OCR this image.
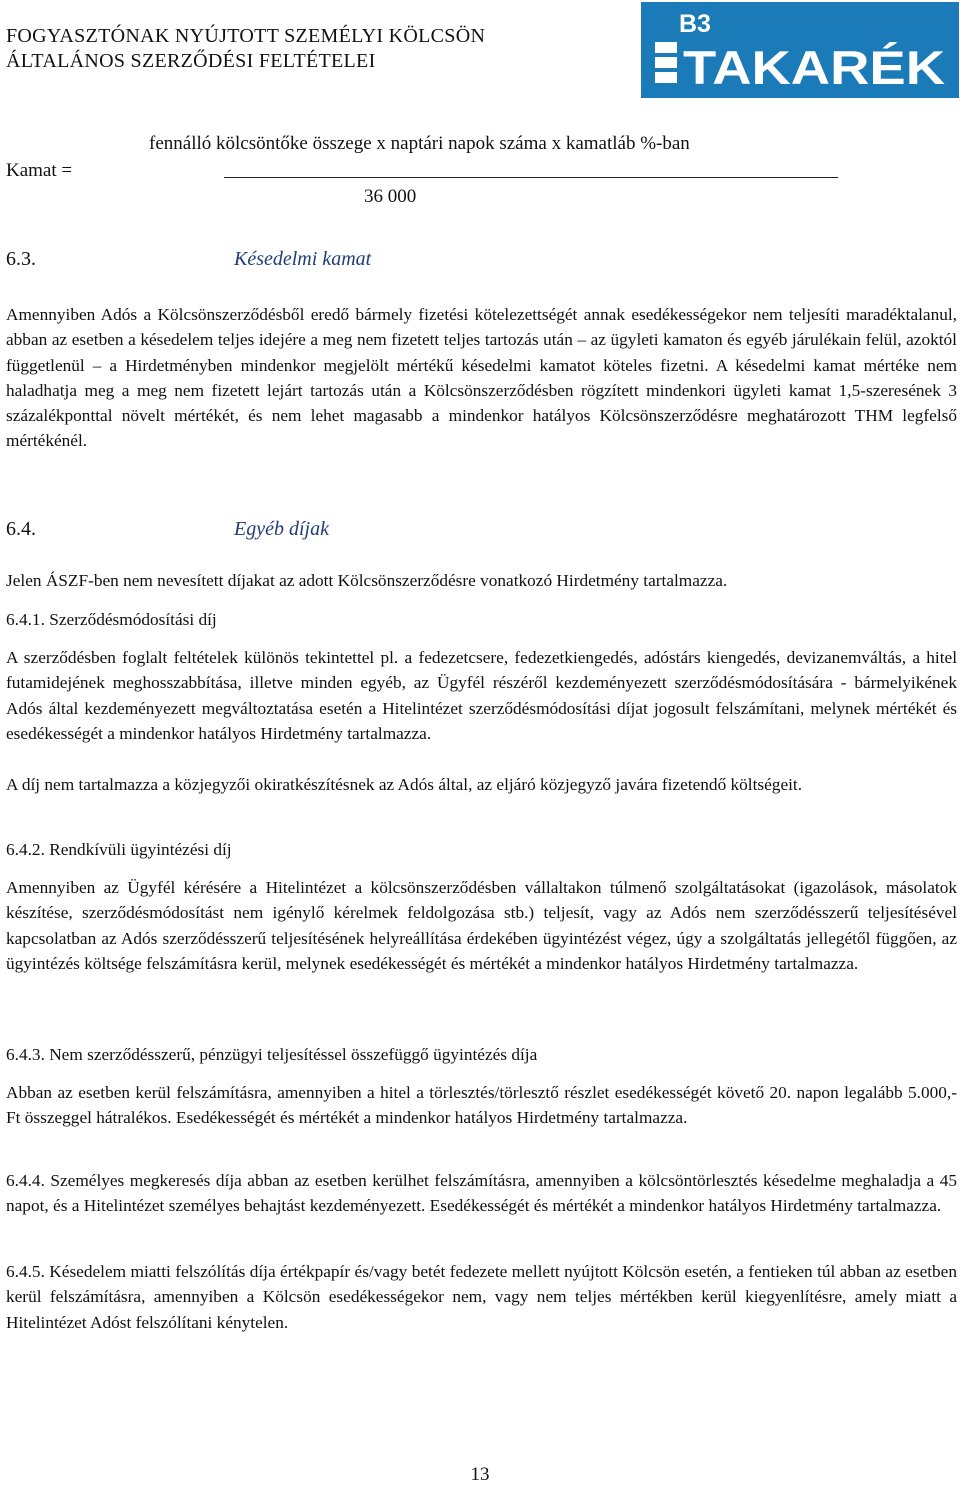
FOGYASZTÓNAK NYÚJTOTT SZEMÉLYI KÖLCSÖN
ÁLTALÁNOS SZERZŐDÉSI FELTÉTELEI
B3
TAKARÉK
fennálló kölcsöntőke összege x naptári napok száma x kamatláb %-ban
Kamat =
36 000
6.3.	Késedelmi kamat
Amennyiben Adós a Kölcsönszerződésből eredő bármely fizetési kötelezettségét annak esedékességekor nem teljesíti maradéktalanul, abban az esetben a késedelem teljes idejére a meg nem fizetett teljes tartozás után – az ügyleti kamaton és egyéb járulékain felül, azoktól függetlenül – a Hirdetményben mindenkor megjelölt mértékű késedelmi kamatot köteles fizetni. A késedelmi kamat mértéke nem haladhatja meg a meg nem fizetett lejárt tartozás után a Kölcsönszerződésben rögzített mindenkori ügyleti kamat 1,5-szeresének 3 százalékponttal növelt mértékét, és nem lehet magasabb a mindenkor hatályos Kölcsönszerződésre meghatározott THM legfelső mértékénél.
6.4.	Egyéb díjak
Jelen ÁSZF-ben nem nevesített díjakat az adott Kölcsönszerződésre vonatkozó Hirdetmény tartalmazza.
6.4.1. Szerződésmódosítási díj
A szerződésben foglalt feltételek különös tekintettel pl. a fedezetcsere, fedezetkiengedés, adóstárs kiengedés, devizanemváltás, a hitel futamidejének meghosszabbítása, illetve minden egyéb, az Ügyfél részéről kezdeményezett szerződésmódosítására - bármelyikének Adós által kezdeményezett megváltoztatása esetén a Hitelintézet szerződésmódosítási díjat jogosult felszámítani, melynek mértékét és esedékességét a mindenkor hatályos Hirdetmény tartalmazza.
A díj nem tartalmazza a közjegyzői okiratkészítésnek az Adós által, az eljáró közjegyző javára fizetendő költségeit.
6.4.2. Rendkívüli ügyintézési díj
Amennyiben az Ügyfél kérésére a Hitelintézet a kölcsönszerződésben vállaltakon túlmenő szolgáltatásokat (igazolások, másolatok készítése, szerződésmódosítást nem igénylő kérelmek feldolgozása stb.) teljesít, vagy az Adós nem szerződésszerű teljesítésével kapcsolatban az Adós szerződésszerű teljesítésének helyreállítása érdekében ügyintézést végez, úgy a szolgáltatás jellegétől függően, az ügyintézés költsége felszámításra kerül, melynek esedékességét és mértékét a mindenkor hatályos Hirdetmény tartalmazza.
6.4.3. Nem szerződésszerű, pénzügyi teljesítéssel összefüggő ügyintézés díja
Abban az esetben kerül felszámításra, amennyiben a hitel a törlesztés/törlesztő részlet esedékességét követő 20. napon legalább 5.000,- Ft összeggel hátralékos. Esedékességét és mértékét a mindenkor hatályos Hirdetmény tartalmazza.
6.4.4. Személyes megkeresés díja abban az esetben kerülhet felszámításra, amennyiben a kölcsöntörlesztés késedelme meghaladja a 45 napot, és a Hitelintézet személyes behajtást kezdeményezett. Esedékességét és mértékét a mindenkor hatályos Hirdetmény tartalmazza.
6.4.5. Késedelem miatti felszólítás díja értékpapír és/vagy betét fedezete mellett nyújtott Kölcsön esetén, a fentieken túl abban az esetben kerül felszámításra, amennyiben a Kölcsön esedékességekor nem, vagy nem teljes mértékben kerül kiegyenlítésre, amely miatt a Hitelintézet Adóst felszólítani kénytelen.
13
